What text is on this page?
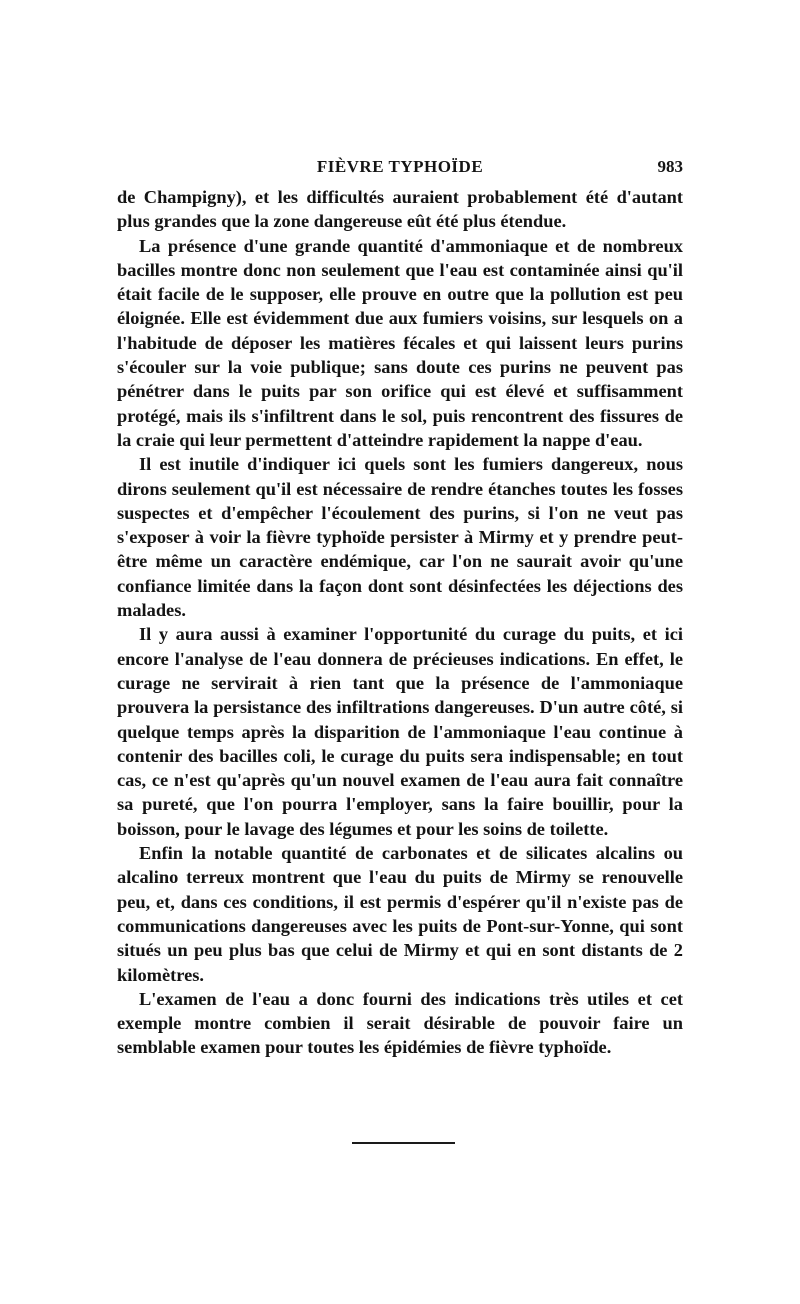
FIÈVRE TYPHOÏDE	983

de Champigny), et les difficultés auraient probablement été d'autant plus grandes que la zone dangereuse eût été plus étendue.

La présence d'une grande quantité d'ammoniaque et de nombreux bacilles montre donc non seulement que l'eau est contaminée ainsi qu'il était facile de le supposer, elle prouve en outre que la pollution est peu éloignée. Elle est évidemment due aux fumiers voisins, sur lesquels on a l'habitude de déposer les matières fécales et qui laissent leurs purins s'écouler sur la voie publique; sans doute ces purins ne peuvent pas pénétrer dans le puits par son orifice qui est élevé et suffisamment protégé, mais ils s'infiltrent dans le sol, puis rencontrent des fissures de la craie qui leur permettent d'atteindre rapidement la nappe d'eau.

Il est inutile d'indiquer ici quels sont les fumiers dangereux, nous dirons seulement qu'il est nécessaire de rendre étanches toutes les fosses suspectes et d'empêcher l'écoulement des purins, si l'on ne veut pas s'exposer à voir la fièvre typhoïde persister à Mirmy et y prendre peut-être même un caractère endémique, car l'on ne saurait avoir qu'une confiance limitée dans la façon dont sont désinfectées les déjections des malades.

Il y aura aussi à examiner l'opportunité du curage du puits, et ici encore l'analyse de l'eau donnera de précieuses indications. En effet, le curage ne servirait à rien tant que la présence de l'ammoniaque prouvera la persistance des infiltrations dangereuses. D'un autre côté, si quelque temps après la disparition de l'ammoniaque l'eau continue à contenir des bacilles coli, le curage du puits sera indispensable; en tout cas, ce n'est qu'après qu'un nouvel examen de l'eau aura fait connaître sa pureté, que l'on pourra l'employer, sans la faire bouillir, pour la boisson, pour le lavage des légumes et pour les soins de toilette.

Enfin la notable quantité de carbonates et de silicates alcalins ou alcalino terreux montrent que l'eau du puits de Mirmy se renouvelle peu, et, dans ces conditions, il est permis d'espérer qu'il n'existe pas de communications dangereuses avec les puits de Pont-sur-Yonne, qui sont situés un peu plus bas que celui de Mirmy et qui en sont distants de 2 kilomètres.

L'examen de l'eau a donc fourni des indications très utiles et cet exemple montre combien il serait désirable de pouvoir faire un semblable examen pour toutes les épidémies de fièvre typhoïde.
